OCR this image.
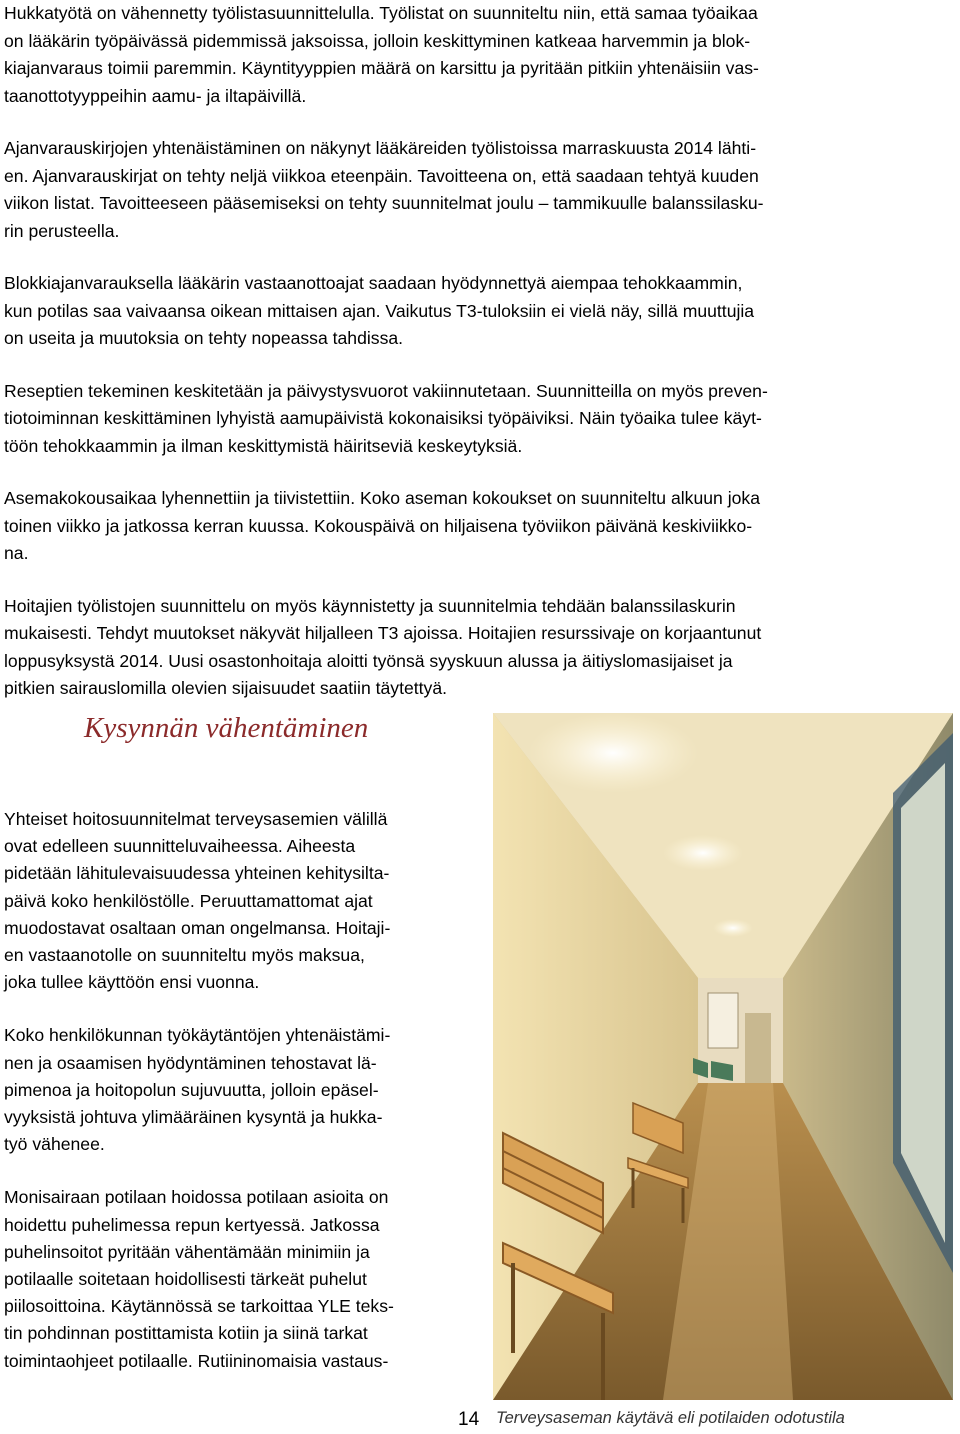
Hukkatyötä on vähennetty työlistasuunnittelulla. Työlistat on suunniteltu niin, että samaa työaikaa
on lääkärin työpäivässä pidemmissä jaksoissa, jolloin keskittyminen katkeaa harvemmin ja blok-
kiajanvaraus toimii paremmin. Käyntityyppien määrä on karsittu ja pyritään pitkiin yhtenäisiin vas-
taanottotyyppeihin aamu- ja iltapäivillä.

Ajanvarauskirjojen yhtenäistäminen on näkynyt lääkäreiden työlistoissa marraskuusta 2014 lähti-
en. Ajanvarauskirjat on tehty neljä viikkoa eteenpäin. Tavoitteena on, että saadaan tehtyä kuuden
viikon listat. Tavoitteeseen pääsemiseksi on tehty suunnitelmat joulu – tammikuulle balanssilasku-
rin perusteella.

Blokkiajanvarauksella lääkärin vastaanottoajat saadaan hyödynnettyä aiempaa tehokkaammin,
kun potilas saa vaivaansa oikean mittaisen ajan. Vaikutus T3-tuloksiin ei vielä näy, sillä muuttujia
on useita ja muutoksia on tehty nopeassa tahdissa.

Reseptien tekeminen keskitetään ja päivystysvuorot vakiinnutetaan. Suunnitteilla on myös preven-
tiotoiminnan keskittäminen lyhyistä aamupäivistä kokonaisiksi työpäiviksi. Näin työaika tulee käyt-
töön tehokkaammin ja ilman keskittymistä häiritseviä keskeytyksiä.

Asemakokousaikaa lyhennettiin ja tiivistettiin. Koko aseman kokoukset on suunniteltu alkuun joka
toinen viikko ja jatkossa kerran kuussa. Kokouspäivä on hiljaisena työviikon päivänä keskiviikko-
na.

Hoitajien työlistojen suunnittelu on myös käynnistetty ja suunnitelmia tehdään balanssilaskurin
mukaisesti. Tehdyt muutokset näkyvät hiljalleen T3 ajoissa. Hoitajien resurssivaje on korjaantunut
loppusyksystä 2014. Uusi osastonhoitaja aloitti työnsä syyskuun alussa ja äitiyslomasijaiset ja
pitkien sairauslomilla olevien sijaisuudet saatiin täytettyä.

Kysynnän vähentäminen

Yhteiset hoitosuunnitelmat terveysasemien välillä
ovat edelleen suunnitteluvaiheessa. Aiheesta
pidetään lähitulevaisuudessa yhteinen kehitysilta-
päivä koko henkilöstölle. Peruuttamattomat ajat
muodostavat osaltaan oman ongelmansa. Hoitaji-
en vastaanotolle on suunniteltu myös maksua,
joka tullee käyttöön ensi vuonna.

Koko henkilökunnan työkäytäntöjen yhtenäistämi-
nen ja osaamisen hyödyntäminen tehostavat lä-
pimenoa ja hoitopolun sujuvuutta, jolloin epäsel-
vyyksistä johtuva ylimääräinen kysyntä ja hukka-
työ vähenee.

Monisairaan potilaan hoidossa potilaan asioita on
hoidettu puhelimessa repun kertyessä. Jatkossa
puhelinsoitot pyritään vähentämään minimiin ja
potilaalle soitetaan hoidollisesti tärkeät puhelut
piilosoittoina. Käytännössä se tarkoittaa YLE teks-
tin pohdinnan postittamista kotiin ja siinä tarkat
toimintaohjeet potilaalle. Rutiininomaisia vastaus-

14 Terveysaseman käytävä eli potilaiden odotustila
